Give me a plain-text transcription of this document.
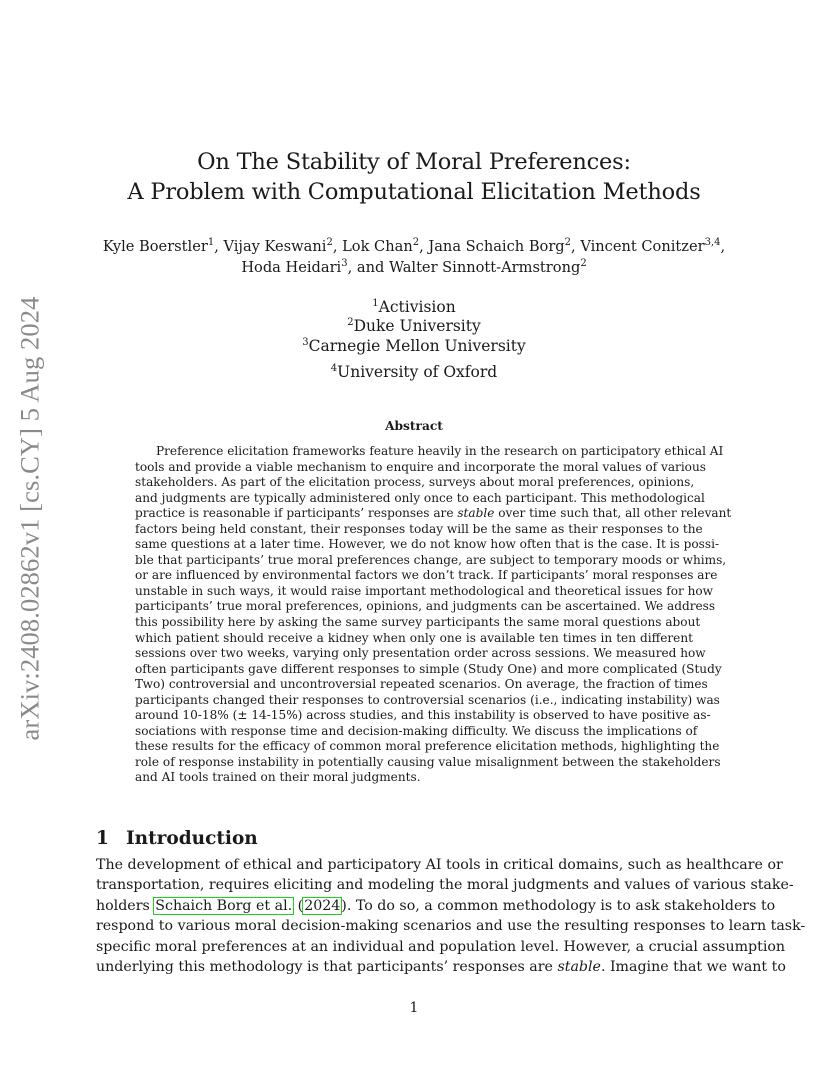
arXiv:2408.02862v1 [cs.CY] 5 Aug 2024
On The Stability of Moral Preferences:
A Problem with Computational Elicitation Methods
Kyle Boerstler$^1$, Vijay Keswani$^2$, Lok Chan$^2$, Jana Schaich Borg$^2$, Vincent Conitzer$^{3,4}$,
Hoda Heidari$^3$, and Walter Sinnott-Armstrong$^2$
$^1$Activision
$^2$Duke University
$^3$Carnegie Mellon University
$^4$University of Oxford
Abstract
Preference elicitation frameworks feature heavily in the research on participatory ethical AI
tools and provide a viable mechanism to enquire and incorporate the moral values of various
stakeholders. As part of the elicitation process, surveys about moral preferences, opinions,
and judgments are typically administered only once to each participant. This methodological
practice is reasonable if participants’ responses are stable over time such that, all other relevant
factors being held constant, their responses today will be the same as their responses to the
same questions at a later time. However, we do not know how often that is the case. It is possi-
ble that participants’ true moral preferences change, are subject to temporary moods or whims,
or are influenced by environmental factors we don’t track. If participants’ moral responses are
unstable in such ways, it would raise important methodological and theoretical issues for how
participants’ true moral preferences, opinions, and judgments can be ascertained. We address
this possibility here by asking the same survey participants the same moral questions about
which patient should receive a kidney when only one is available ten times in ten different
sessions over two weeks, varying only presentation order across sessions. We measured how
often participants gave different responses to simple (Study One) and more complicated (Study
Two) controversial and uncontroversial repeated scenarios. On average, the fraction of times
participants changed their responses to controversial scenarios (i.e., indicating instability) was
around 10-18% (± 14-15%) across studies, and this instability is observed to have positive as-
sociations with response time and decision-making difficulty. We discuss the implications of
these results for the efficacy of common moral preference elicitation methods, highlighting the
role of response instability in potentially causing value misalignment between the stakeholders
and AI tools trained on their moral judgments.
1 Introduction
The development of ethical and participatory AI tools in critical domains, such as healthcare or
transportation, requires eliciting and modeling the moral judgments and values of various stake-
holders Schaich Borg et al. (2024). To do so, a common methodology is to ask stakeholders to
respond to various moral decision-making scenarios and use the resulting responses to learn task-
specific moral preferences at an individual and population level. However, a crucial assumption
underlying this methodology is that participants’ responses are stable. Imagine that we want to
1
